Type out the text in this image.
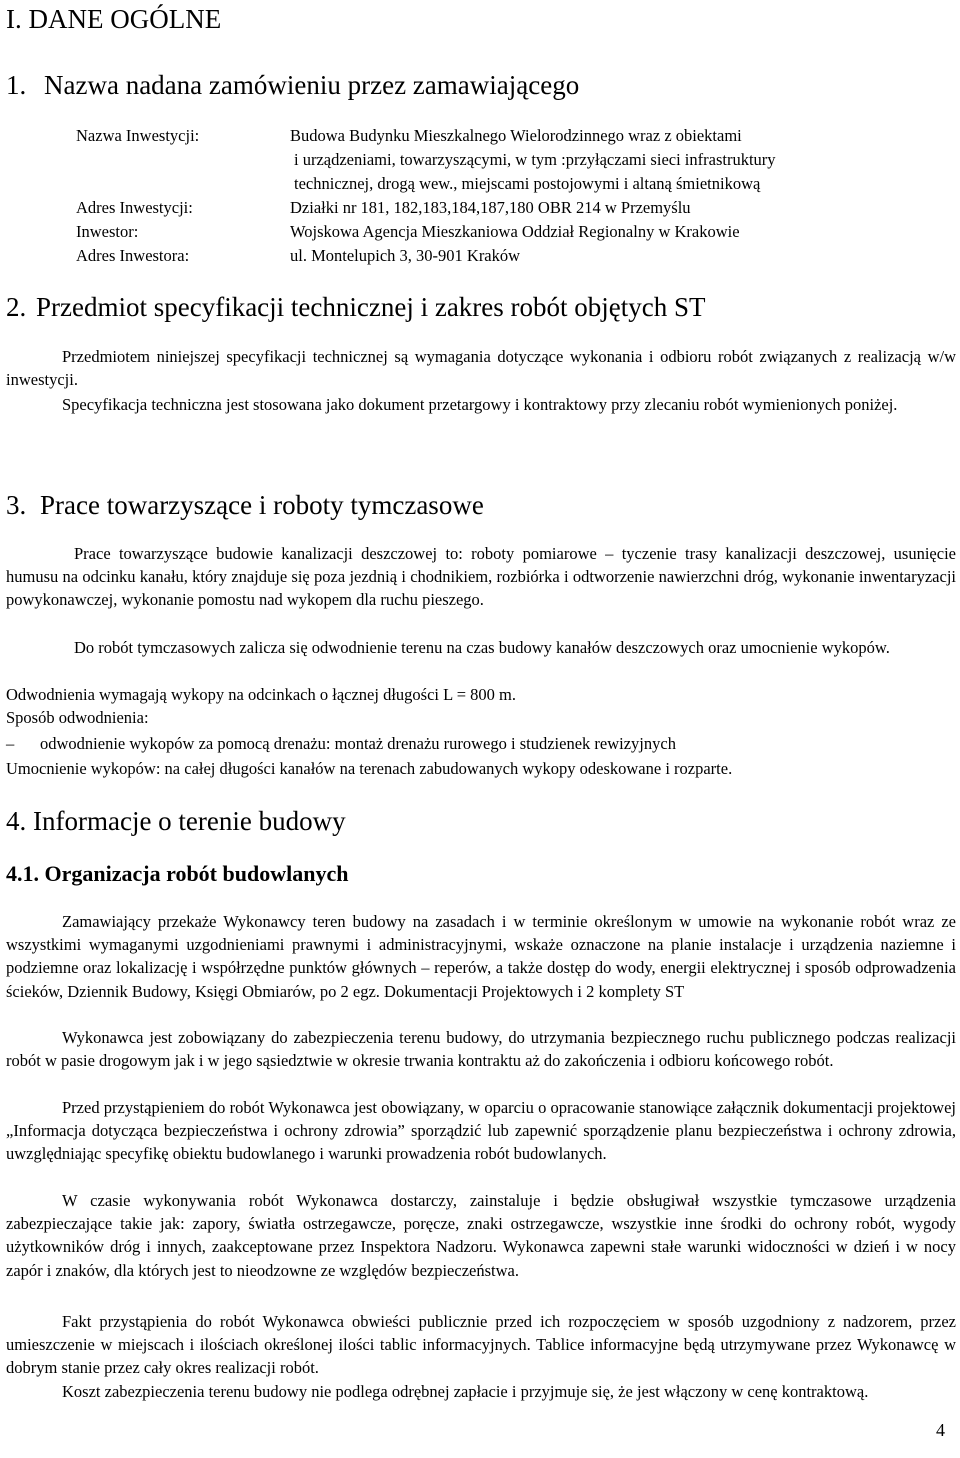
I. DANE OGÓLNE
1. Nazwa nadana zamówieniu przez zamawiającego
Nazwa Inwestycji:	Budowa Budynku Mieszkalnego Wielorodzinnego wraz z obiektami
i urządzeniami, towarzyszącymi, w tym :przyłączami sieci infrastruktury
technicznej, drogą wew., miejscami postojowymi i altaną śmietnikową
Adres Inwestycji:	Działki nr 181, 182,183,184,187,180 OBR 214 w Przemyślu
Inwestor:	Wojskowa Agencja Mieszkaniowa Oddział Regionalny w Krakowie
Adres Inwestora:	ul. Montelupich 3, 30-901 Kraków
2. Przedmiot specyfikacji technicznej i zakres robót objętych ST

Przedmiotem niniejszej specyfikacji technicznej są wymagania dotyczące wykonania i odbioru robót związanych z realizacją w/w inwestycji.

Specyfikacja techniczna jest stosowana jako dokument przetargowy i kontraktowy przy zlecaniu robót wymienionych poniżej.

3. Prace towarzyszące i roboty tymczasowe

Prace towarzyszące budowie kanalizacji deszczowej to: roboty pomiarowe – tyczenie trasy kanalizacji deszczowej, usunięcie humusu na odcinku kanału, który znajduje się poza jezdnią i chodnikiem, rozbiórka i odtworzenie nawierzchni dróg, wykonanie inwentaryzacji powykonawczej, wykonanie pomostu nad wykopem dla ruchu pieszego.

Do robót tymczasowych zalicza się odwodnienie terenu na czas budowy kanałów deszczowych oraz umocnienie wykopów.

Odwodnienia wymagają wykopy na odcinkach o łącznej długości L = 800 m.

Sposób odwodnienia:

– odwodnienie wykopów za pomocą drenażu: montaż drenażu rurowego i studzienek rewizyjnych

Umocnienie wykopów: na całej długości kanałów na terenach zabudowanych wykopy odeskowane i rozparte.

4. Informacje o terenie budowy
4.1. Organizacja robót budowlanych

Zamawiający przekaże Wykonawcy teren budowy na zasadach i w terminie określonym w umowie na wykonanie robót wraz ze wszystkimi wymaganymi uzgodnieniami prawnymi i administracyjnymi, wskaże oznaczone na planie instalacje i urządzenia naziemne i podziemne oraz lokalizację i współrzędne punktów głównych – reperów, a także dostęp do wody, energii elektrycznej i sposób odprowadzenia ścieków, Dziennik Budowy, Księgi Obmiarów, po 2 egz. Dokumentacji Projektowych i 2 komplety ST

Wykonawca jest zobowiązany do zabezpieczenia terenu budowy, do utrzymania bezpiecznego ruchu publicznego podczas realizacji robót w pasie drogowym jak i w jego sąsiedztwie w okresie trwania kontraktu aż do zakończenia i odbioru końcowego robót.

Przed przystąpieniem do robót Wykonawca jest obowiązany, w oparciu o opracowanie stanowiące załącznik dokumentacji projektowej „Informacja dotycząca bezpieczeństwa i ochrony zdrowia” sporządzić lub zapewnić sporządzenie planu bezpieczeństwa i ochrony zdrowia, uwzględniając specyfikę obiektu budowlanego i warunki prowadzenia robót budowlanych.

W czasie wykonywania robót Wykonawca dostarczy, zainstaluje i będzie obsługiwał wszystkie tymczasowe urządzenia zabezpieczające takie jak: zapory, światła ostrzegawcze, poręcze, znaki ostrzegawcze, wszystkie inne środki do ochrony robót, wygody użytkowników dróg i innych, zaakceptowane przez Inspektora Nadzoru. Wykonawca zapewni stałe warunki widoczności w dzień i w nocy zapór i znaków, dla których jest to nieodzowne ze względów bezpieczeństwa.

Fakt przystąpienia do robót Wykonawca obwieści publicznie przed ich rozpoczęciem w sposób uzgodniony z nadzorem, przez umieszczenie w miejscach i ilościach określonej ilości tablic informacyjnych. Tablice informacyjne będą utrzymywane przez Wykonawcę w dobrym stanie przez cały okres realizacji robót.

Koszt zabezpieczenia terenu budowy nie podlega odrębnej zapłacie i przyjmuje się, że jest włączony w cenę kontraktową.

4
